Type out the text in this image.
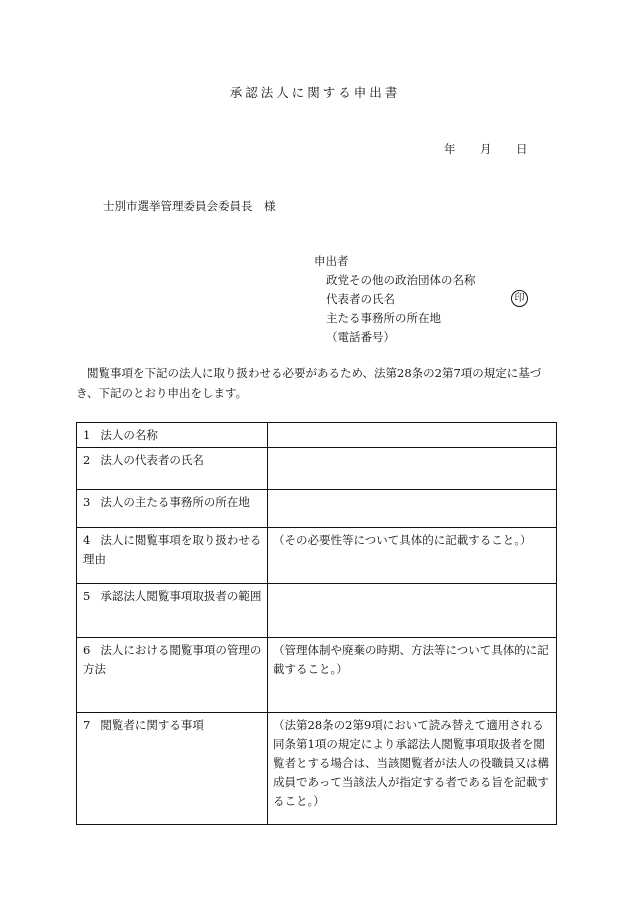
承認法人に関する申出書
年 月 日
士別市選挙管理委員会委員長　様
申出者
政党その他の政治団体の名称
代表者の氏名	印
主たる事務所の所在地
（電話番号）
閲覧事項を下記の法人に取り扱わせる必要があるため、法第28条の2第7項の規定に基づき、下記のとおり申出をします。
1 法人の名称	
2 法人の代表者の氏名	
3 法人の主たる事務所の所在地	
4 法人に閲覧事項を取り扱わせる理由	（その必要性等について具体的に記載すること。）
5 承認法人閲覧事項取扱者の範囲	
6 法人における閲覧事項の管理の方法	（管理体制や廃棄の時期、方法等について具体的に記載すること。）
7 閲覧者に関する事項	（法第28条の2第9項において読み替えて適用される同条第1項の規定により承認法人閲覧事項取扱者を閲覧者とする場合は、当該閲覧者が法人の役職員又は構成員であって当該法人が指定する者である旨を記載すること。）
